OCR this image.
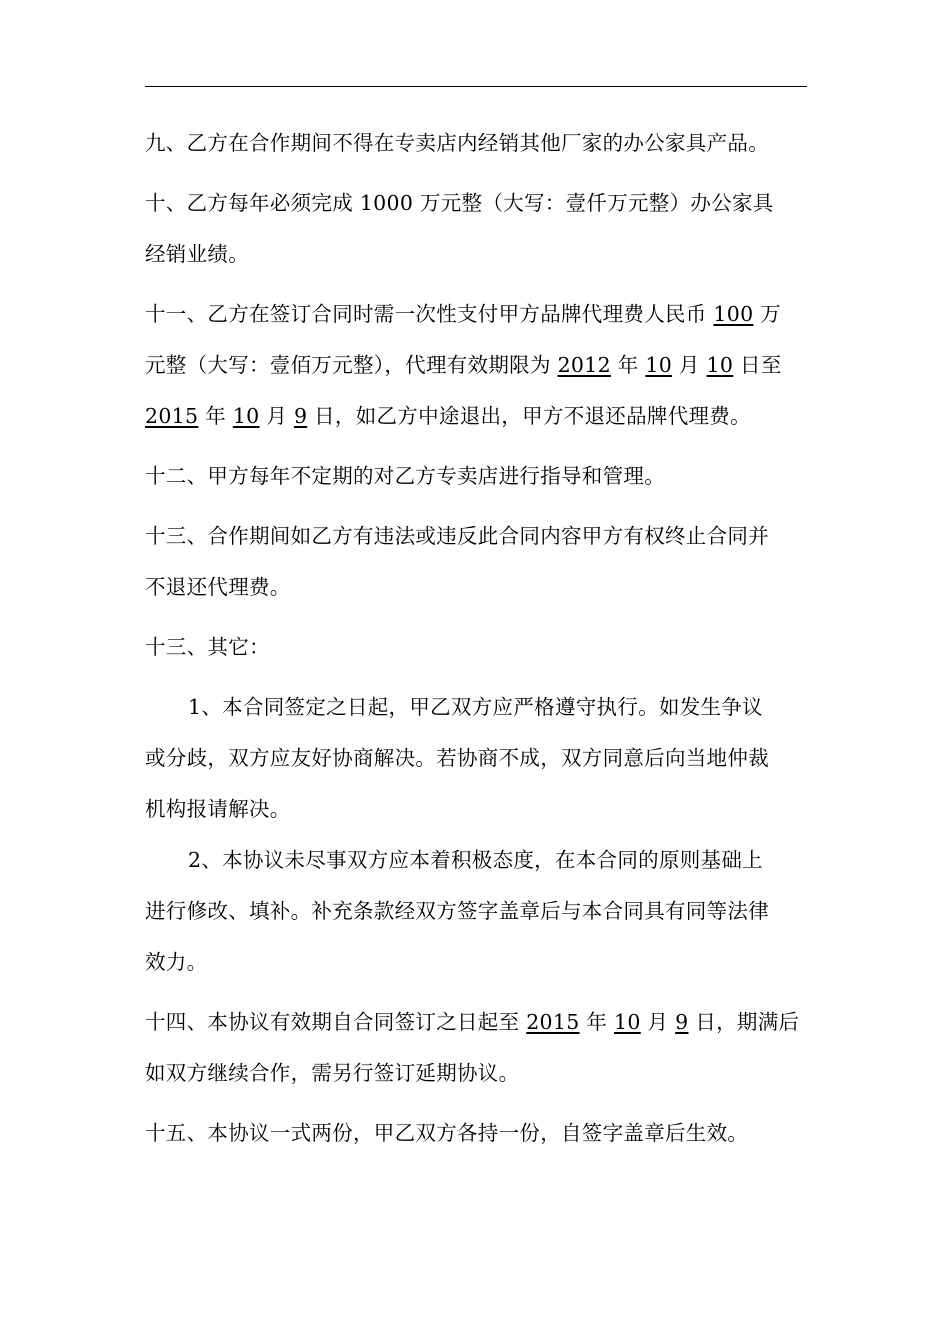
九、乙方在合作期间不得在专卖店内经销其他厂家的办公家具产品。

十、乙方每年必须完成 1000 万元整（大写：壹仟万元整）办公家具
经销业绩。

十一、乙方在签订合同时需一次性支付甲方品牌代理费人民币 100 万
元整（大写：壹佰万元整），代理有效期限为 2012 年 10 月 10 日至
2015 年 10 月 9 日，如乙方中途退出，甲方不退还品牌代理费。

十二、甲方每年不定期的对乙方专卖店进行指导和管理。

十三、合作期间如乙方有违法或违反此合同内容甲方有权终止合同并
不退还代理费。

十三、其它：

1、本合同签定之日起，甲乙双方应严格遵守执行。如发生争议
或分歧，双方应友好协商解决。若协商不成，双方同意后向当地仲裁
机构报请解决。

2、本协议未尽事双方应本着积极态度，在本合同的原则基础上
进行修改、填补。补充条款经双方签字盖章后与本合同具有同等法律
效力。

十四、本协议有效期自合同签订之日起至 2015 年 10 月 9 日，期满后
如双方继续合作，需另行签订延期协议。

十五、本协议一式两份，甲乙双方各持一份，自签字盖章后生效。
